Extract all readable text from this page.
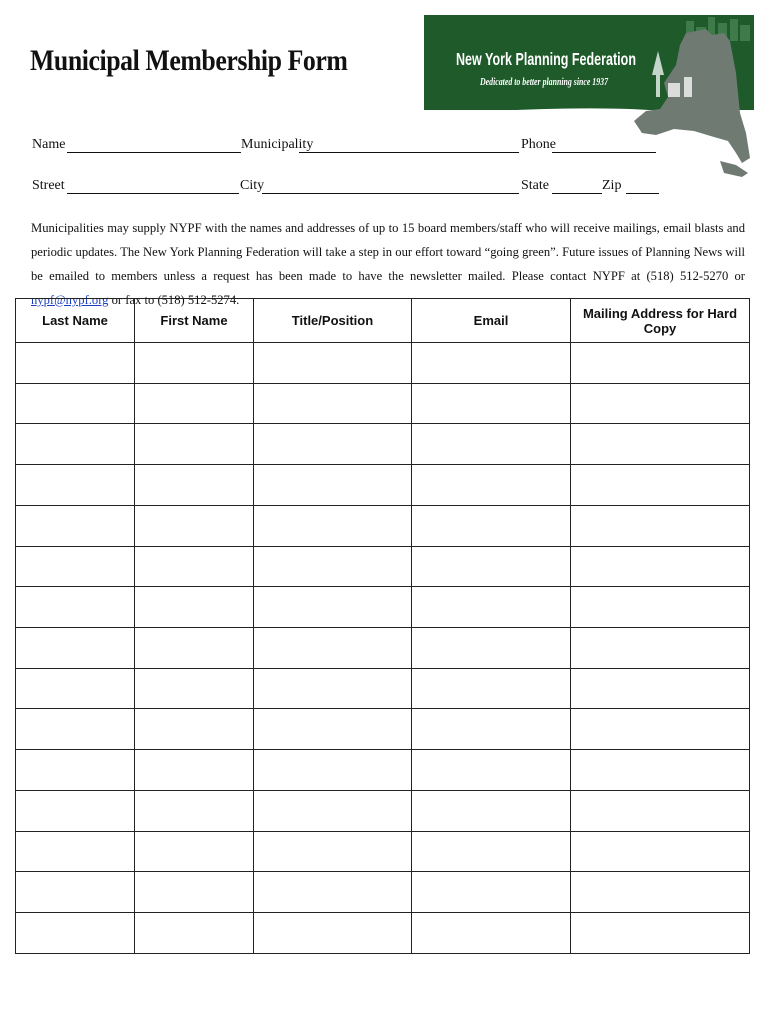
Municipal Membership Form	New York Planning Federation
Dedicated to better planning since 1937
Name	Municipality	Phone
Street	City	State	Zip
Municipalities may supply NYPF with the names and addresses of up to 15 board members/staff who will receive mailings, email blasts and periodic updates. The New York Planning Federation will take a step in our effort toward “going green”. Future issues of Planning News will be emailed to members unless a request has been made to have the newsletter mailed. Please contact NYPF at (518) 512-5270 or nypf@nypf.org or fax to (518) 512-5274.
Last Name	First Name	Title/Position	Email	Mailing Address for Hard Copy
